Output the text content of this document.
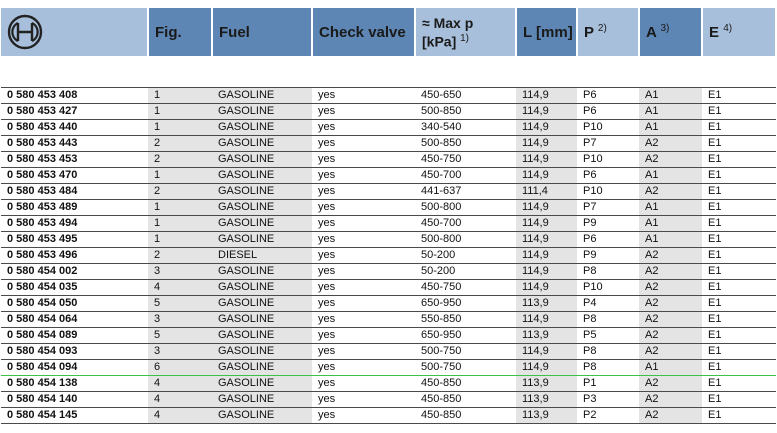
	Fig.	Fuel	Check valve	≈ Max p
[kPa] $^{1)}$	L [mm]	P $^{2)}$	A $^{3)}$	E $^{4)}$

0 580 453 408	1	GASOLINE	yes	450-650	114,9	P6	A1	E1
0 580 453 427	1	GASOLINE	yes	500-850	114,9	P6	A1	E1
0 580 453 440	1	GASOLINE	yes	340-540	114,9	P10	A1	E1
0 580 453 443	2	GASOLINE	yes	500-850	114,9	P7	A2	E1
0 580 453 453	2	GASOLINE	yes	450-750	114,9	P10	A2	E1
0 580 453 470	1	GASOLINE	yes	450-700	114,9	P6	A1	E1
0 580 453 484	2	GASOLINE	yes	441-637	111,4	P10	A2	E1
0 580 453 489	1	GASOLINE	yes	500-800	114,9	P7	A1	E1
0 580 453 494	1	GASOLINE	yes	450-700	114,9	P9	A1	E1
0 580 453 495	1	GASOLINE	yes	500-800	114,9	P6	A1	E1
0 580 453 496	2	DIESEL	yes	50-200	114,9	P9	A2	E1
0 580 454 002	3	GASOLINE	yes	50-200	114,9	P8	A2	E1
0 580 454 035	4	GASOLINE	yes	450-750	114,9	P10	A2	E1
0 580 454 050	5	GASOLINE	yes	650-950	113,9	P4	A2	E1
0 580 454 064	3	GASOLINE	yes	550-850	114,9	P8	A2	E1
0 580 454 089	5	GASOLINE	yes	650-950	113,9	P5	A2	E1
0 580 454 093	3	GASOLINE	yes	500-750	114,9	P8	A2	E1
0 580 454 094	6	GASOLINE	yes	500-750	114,9	P8	A1	E1
0 580 454 138	4	GASOLINE	yes	450-850	113,9	P1	A2	E1
0 580 454 140	4	GASOLINE	yes	450-850	113,9	P3	A2	E1
0 580 454 145	4	GASOLINE	yes	450-850	113,9	P2	A2	E1
